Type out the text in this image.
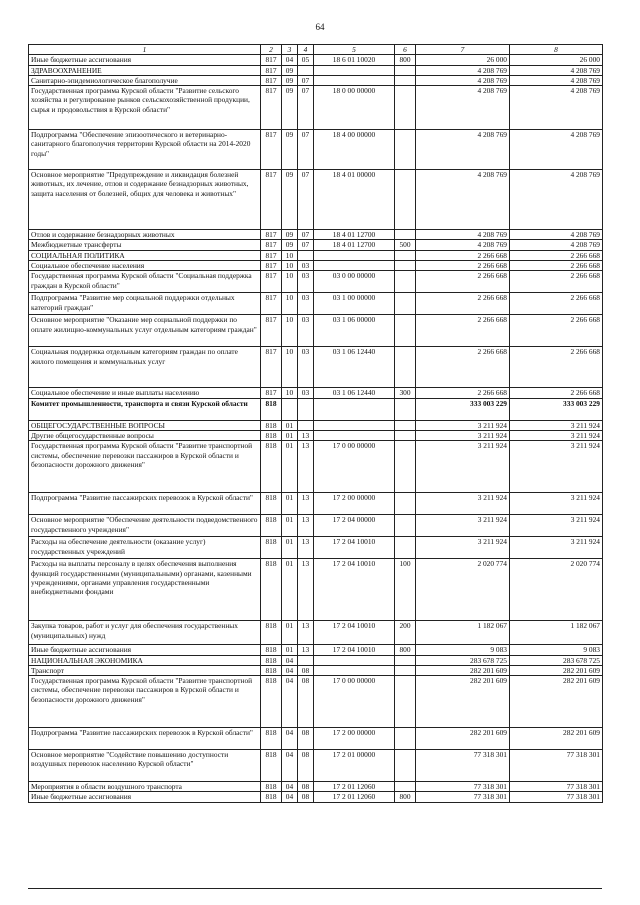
64
1	2	3	4	5	6	7	8
Иные бюджетные ассигнования	817	04	05	18 6 01 10020	800	26 000	26 000
ЗДРАВООХРАНЕНИЕ	817	09				4 208 769	4 208 769
Санитарно-эпидемиологическое благополучие	817	09	07			4 208 769	4 208 769
Государственная программа Курской области "Развитие сельского хозяйства и регулирование рынков сельскохозяйственной продукции, сырья и продовольствия в Курской области"	817	09	07	18 0 00 00000		4 208 769	4 208 769
Подпрограмма "Обеспечение эпизоотического и ветеринарно-санитарного благополучия территории Курской области на 2014-2020 годы"	817	09	07	18 4 00 00000		4 208 769	4 208 769
Основное мероприятие "Предупреждение и ликвидация болезней животных, их лечение, отлов и содержание безнадзорных животных, защита населения от болезней, общих для человека и животных"	817	09	07	18 4 01 00000		4 208 769	4 208 769
Отлов и содержание безнадзорных животных	817	09	07	18 4 01 12700		4 208 769	4 208 769
Межбюджетные трансферты	817	09	07	18 4 01 12700	500	4 208 769	4 208 769
СОЦИАЛЬНАЯ ПОЛИТИКА	817	10				2 266 668	2 266 668
Социальное обеспечение населения	817	10	03			2 266 668	2 266 668
Государственная программа Курской области "Социальная поддержка граждан в Курской области"	817	10	03	03 0 00 00000		2 266 668	2 266 668
Подпрограмма "Развитие мер социальной поддержки отдельных категорий граждан"	817	10	03	03 1 00 00000		2 266 668	2 266 668
Основное мероприятие "Оказание мер социальной поддержки по оплате жилищно-коммунальных услуг отдельным категориям граждан"	817	10	03	03 1 06 00000		2 266 668	2 266 668
Социальная поддержка отдельным категориям граждан по оплате жилого помещения и коммунальных услуг	817	10	03	03 1 06 12440		2 266 668	2 266 668
Социальное обеспечение и иные выплаты населению	817	10	03	03 1 06 12440	300	2 266 668	2 266 668
Комитет промышленности, транспорта и связи Курской области	818					333 003 229	333 003 229
ОБЩЕГОСУДАРСТВЕННЫЕ ВОПРОСЫ	818	01				3 211 924	3 211 924
Другие общегосударственные вопросы	818	01	13			3 211 924	3 211 924
Государственная программа Курской области "Развитие транспортной системы, обеспечение перевозки пассажиров в Курской области и безопасности дорожного движения"	818	01	13	17 0 00 00000		3 211 924	3 211 924
Подпрограмма "Развитие пассажирских перевозок в Курской области"	818	01	13	17 2 00 00000		3 211 924	3 211 924
Основное мероприятие "Обеспечение деятельности подведомственного государственного учреждения"	818	01	13	17 2 04 00000		3 211 924	3 211 924
Расходы на обеспечение деятельности (оказание услуг) государственных учреждений	818	01	13	17 2 04 10010		3 211 924	3 211 924
Расходы на выплаты персоналу в целях обеспечения выполнения функций государственными (муниципальными) органами, казенными учреждениями, органами управления государственными внебюджетными фондами	818	01	13	17 2 04 10010	100	2 020 774	2 020 774
Закупка товаров, работ и услуг для обеспечения государственных (муниципальных) нужд	818	01	13	17 2 04 10010	200	1 182 067	1 182 067
Иные бюджетные ассигнования	818	01	13	17 2 04 10010	800	9 083	9 083
НАЦИОНАЛЬНАЯ ЭКОНОМИКА	818	04				283 678 725	283 678 725
Транспорт	818	04	08			282 201 609	282 201 609
Государственная программа Курской области "Развитие транспортной системы, обеспечение перевозки пассажиров в Курской области и безопасности дорожного движения"	818	04	08	17 0 00 00000		282 201 609	282 201 609
Подпрограмма "Развитие пассажирских перевозок в Курской области"	818	04	08	17 2 00 00000		282 201 609	282 201 609
Основное мероприятие "Содействие повышению доступности воздушных перевозок населению Курской области"	818	04	08	17 2 01 00000		77 318 301	77 318 301
Мероприятия в области воздушного транспорта	818	04	08	17 2 01 12060		77 318 301	77 318 301
Иные бюджетные ассигнования	818	04	08	17 2 01 12060	800	77 318 301	77 318 301
